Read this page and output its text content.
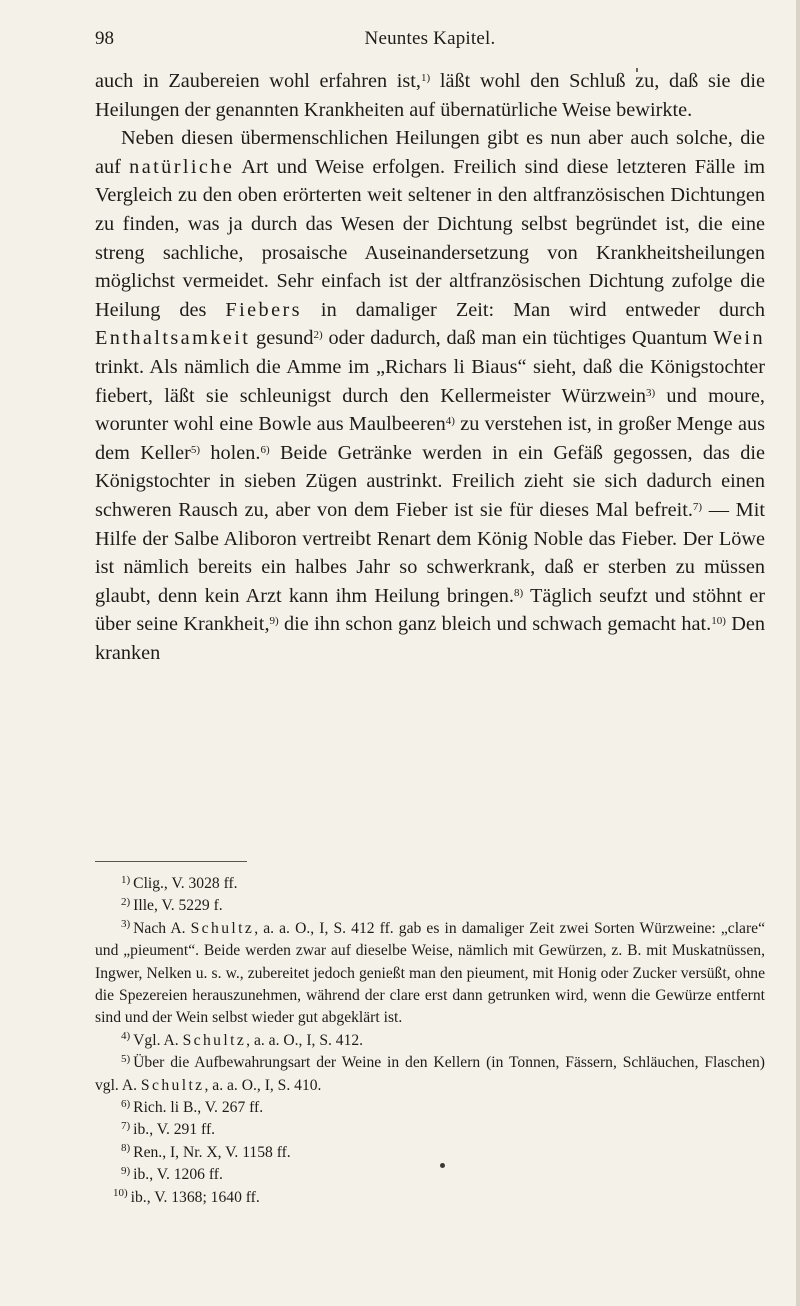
98	Neuntes Kapitel.

auch in Zaubereien wohl erfahren ist,$^{1)}$ läßt wohl den Schluß zu, daß sie die Heilungen der genannten Krankheiten auf übernatürliche Weise bewirkte.

Neben diesen übermenschlichen Heilungen gibt es nun aber auch solche, die auf natürliche Art und Weise erfolgen. Freilich sind diese letzteren Fälle im Vergleich zu den oben erörterten weit seltener in den altfranzösischen Dichtungen zu finden, was ja durch das Wesen der Dichtung selbst begründet ist, die eine streng sachliche, prosaische Auseinandersetzung von Krankheitsheilungen möglichst vermeidet. Sehr einfach ist der altfranzösischen Dichtung zufolge die Heilung des Fiebers in damaliger Zeit: Man wird entweder durch Enthaltsamkeit gesund$^{2)}$ oder dadurch, daß man ein tüchtiges Quantum Wein trinkt. Als nämlich die Amme im „Richars li Biaus“ sieht, daß die Königstochter fiebert, läßt sie schleunigst durch den Kellermeister Würzwein$^{3)}$ und moure, worunter wohl eine Bowle aus Maulbeeren$^{4)}$ zu verstehen ist, in großer Menge aus dem Keller$^{5)}$ holen.$^{6)}$ Beide Getränke werden in ein Gefäß gegossen, das die Königstochter in sieben Zügen austrinkt. Freilich zieht sie sich dadurch einen schweren Rausch zu, aber von dem Fieber ist sie für dieses Mal befreit.$^{7)}$ — Mit Hilfe der Salbe Aliboron vertreibt Renart dem König Noble das Fieber. Der Löwe ist nämlich bereits ein halbes Jahr so schwerkrank, daß er sterben zu müssen glaubt, denn kein Arzt kann ihm Heilung bringen.$^{8)}$ Täglich seufzt und stöhnt er über seine Krankheit,$^{9)}$ die ihn schon ganz bleich und schwach gemacht hat.$^{10)}$ Den kranken

$^{1)}$ Clig., V. 3028 ff.

$^{2)}$ Ille, V. 5229 f.

$^{3)}$ Nach A. Schultz, a. a. O., I, S. 412 ff. gab es in damaliger Zeit zwei Sorten Würzweine: „clare“ und „pieument“. Beide werden zwar auf dieselbe Weise, nämlich mit Gewürzen, z. B. mit Muskatnüssen, Ingwer, Nelken u. s. w., zubereitet jedoch genießt man den pieument, mit Honig oder Zucker versüßt, ohne die Spezereien herauszunehmen, während der clare erst dann getrunken wird, wenn die Gewürze entfernt sind und der Wein selbst wieder gut abgeklärt ist.

$^{4)}$ Vgl. A. Schultz, a. a. O., I, S. 412.

$^{5)}$ Über die Aufbewahrungsart der Weine in den Kellern (in Tonnen, Fässern, Schläuchen, Flaschen) vgl. A. Schultz, a. a. O., I, S. 410.

$^{6)}$ Rich. li B., V. 267 ff.

$^{7)}$ ib., V. 291 ff.

$^{8)}$ Ren., I, Nr. X, V. 1158 ff.

$^{9)}$ ib., V. 1206 ff.

$^{10)}$ ib., V. 1368; 1640 ff.
